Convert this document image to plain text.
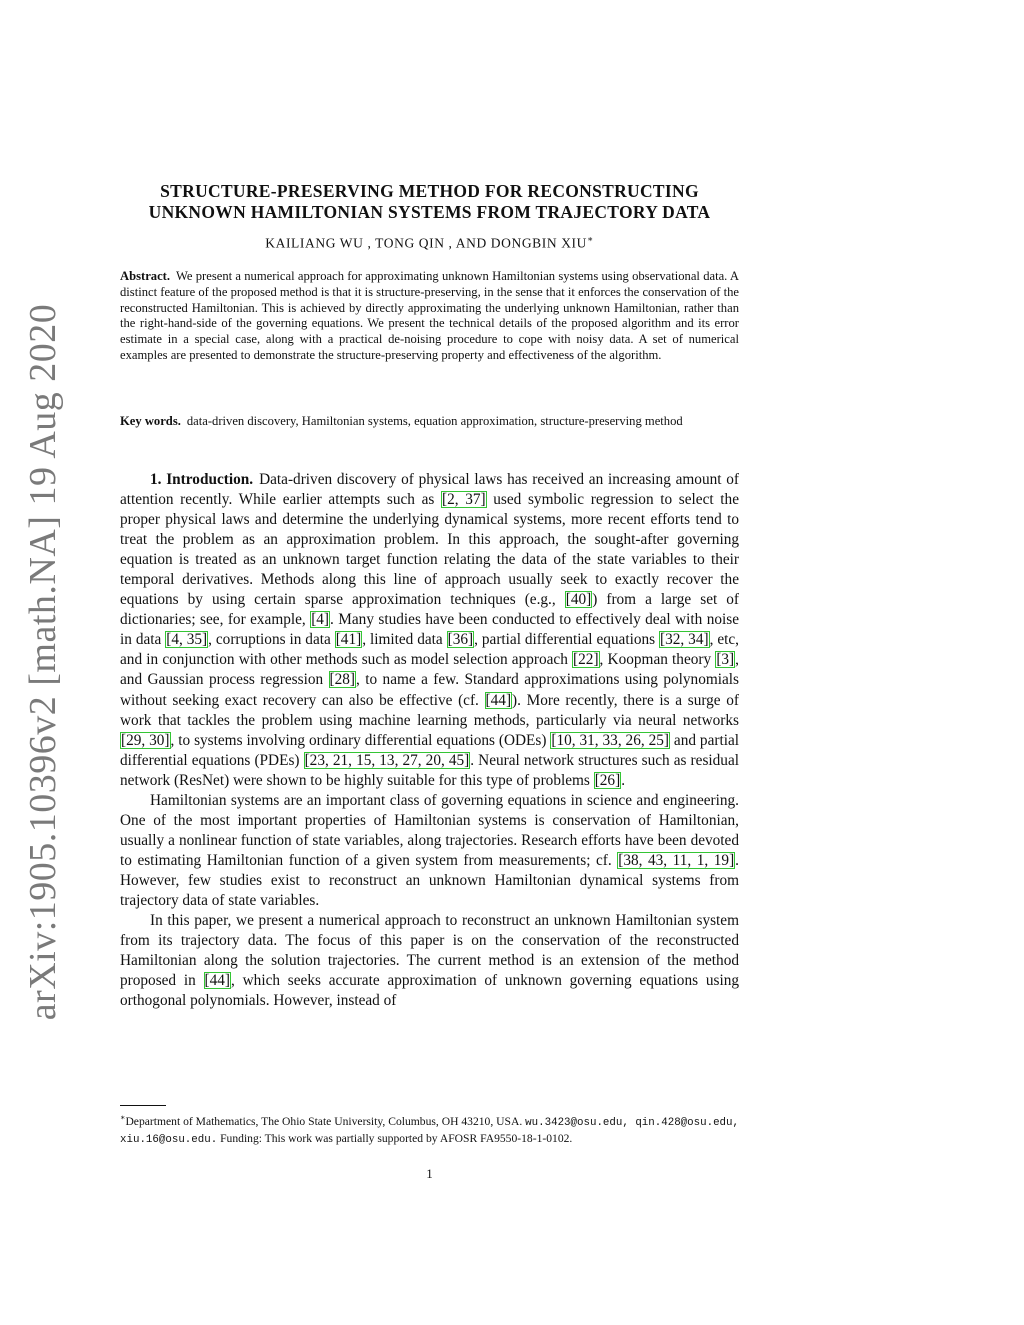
arXiv:1905.10396v2 [math.NA] 19 Aug 2020
STRUCTURE-PRESERVING METHOD FOR RECONSTRUCTING
UNKNOWN HAMILTONIAN SYSTEMS FROM TRAJECTORY DATA
KAILIANG WU , TONG QIN , AND DONGBIN XIU∗
Abstract. We present a numerical approach for approximating unknown Hamiltonian systems using observational data. A distinct feature of the proposed method is that it is structure-preserving, in the sense that it enforces the conservation of the reconstructed Hamiltonian. This is achieved by directly approximating the underlying unknown Hamiltonian, rather than the right-hand-side of the governing equations. We present the technical details of the proposed algorithm and its error estimate in a special case, along with a practical de-noising procedure to cope with noisy data. A set of numerical examples are presented to demonstrate the structure-preserving property and effectiveness of the algorithm.
Key words. data-driven discovery, Hamiltonian systems, equation approximation, structure-preserving method

1. Introduction. Data-driven discovery of physical laws has received an increasing amount of attention recently. While earlier attempts such as [2, 37] used symbolic regression to select the proper physical laws and determine the underlying dynamical systems, more recent efforts tend to treat the problem as an approximation problem. In this approach, the sought-after governing equation is treated as an unknown target function relating the data of the state variables to their temporal derivatives. Methods along this line of approach usually seek to exactly recover the equations by using certain sparse approximation techniques (e.g., [40]) from a large set of dictionaries; see, for example, [4]. Many studies have been conducted to effectively deal with noise in data [4, 35], corruptions in data [41], limited data [36], partial differential equations [32, 34], etc, and in conjunction with other methods such as model selection approach [22], Koopman theory [3], and Gaussian process regression [28], to name a few. Standard approximations using polynomials without seeking exact recovery can also be effective (cf. [44]). More recently, there is a surge of work that tackles the problem using machine learning methods, particularly via neural networks [29, 30], to systems involving ordinary differential equations (ODEs) [10, 31, 33, 26, 25] and partial differential equations (PDEs) [23, 21, 15, 13, 27, 20, 45]. Neural network structures such as residual network (ResNet) were shown to be highly suitable for this type of problems [26].

Hamiltonian systems are an important class of governing equations in science and engineering. One of the most important properties of Hamiltonian systems is conservation of Hamiltonian, usually a nonlinear function of state variables, along trajectories. Research efforts have been devoted to estimating Hamiltonian function of a given system from measurements; cf. [38, 43, 11, 1, 19]. However, few studies exist to reconstruct an unknown Hamiltonian dynamical systems from trajectory data of state variables.

In this paper, we present a numerical approach to reconstruct an unknown Hamiltonian system from its trajectory data. The focus of this paper is on the conservation of the reconstructed Hamiltonian along the solution trajectories. The current method is an extension of the method proposed in [44], which seeks accurate approximation of unknown governing equations using orthogonal polynomials. However, instead of

∗Department of Mathematics, The Ohio State University, Columbus, OH 43210, USA. wu.3423@osu.edu, qin.428@osu.edu, xiu.16@osu.edu. Funding: This work was partially supported by AFOSR FA9550-18-1-0102.
1
